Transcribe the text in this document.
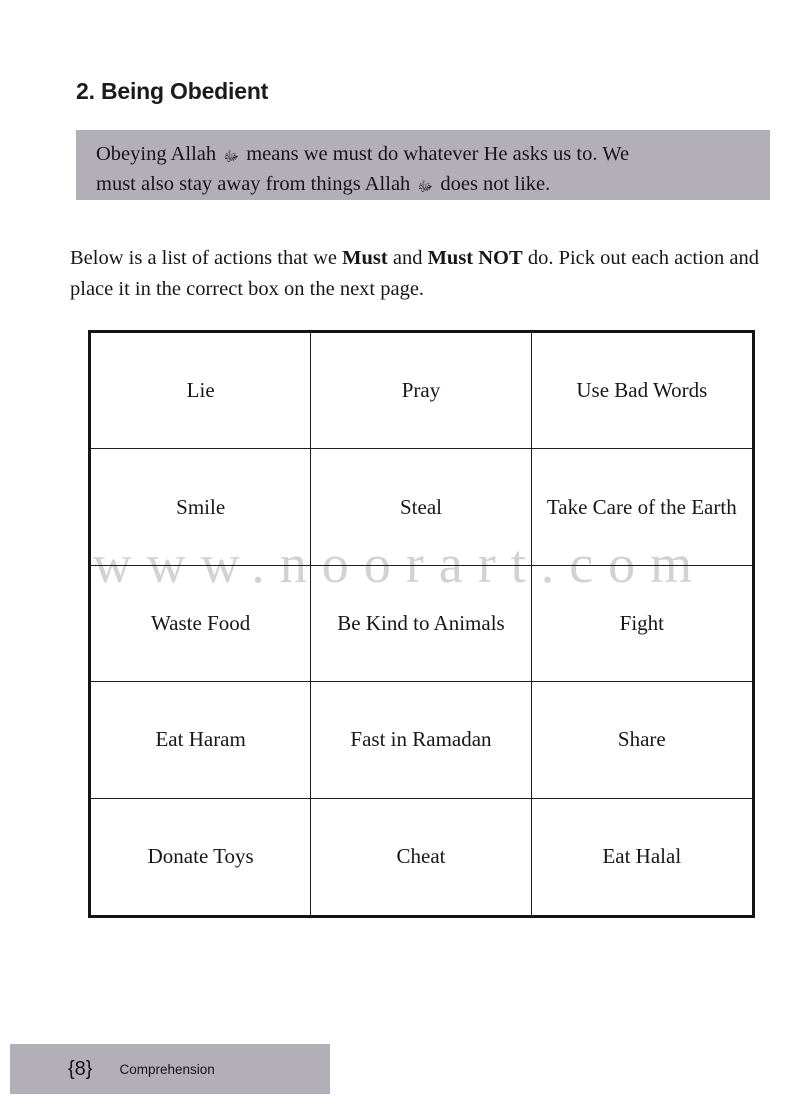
2. Being Obedient
Obeying Allah ﷻ means we must do whatever He asks us to. We
must also stay away from things Allah ﷻ does not like.

Below is a list of actions that we Must and Must NOT do. Pick out each action and place it in the correct box on the next page.

www.noorart.com
Lie	Pray	Use Bad Words
Smile	Steal	Take Care of the Earth
Waste Food	Be Kind to Animals	Fight
Eat Haram	Fast in Ramadan	Share
Donate Toys	Cheat	Eat Halal
{8} Comprehension
